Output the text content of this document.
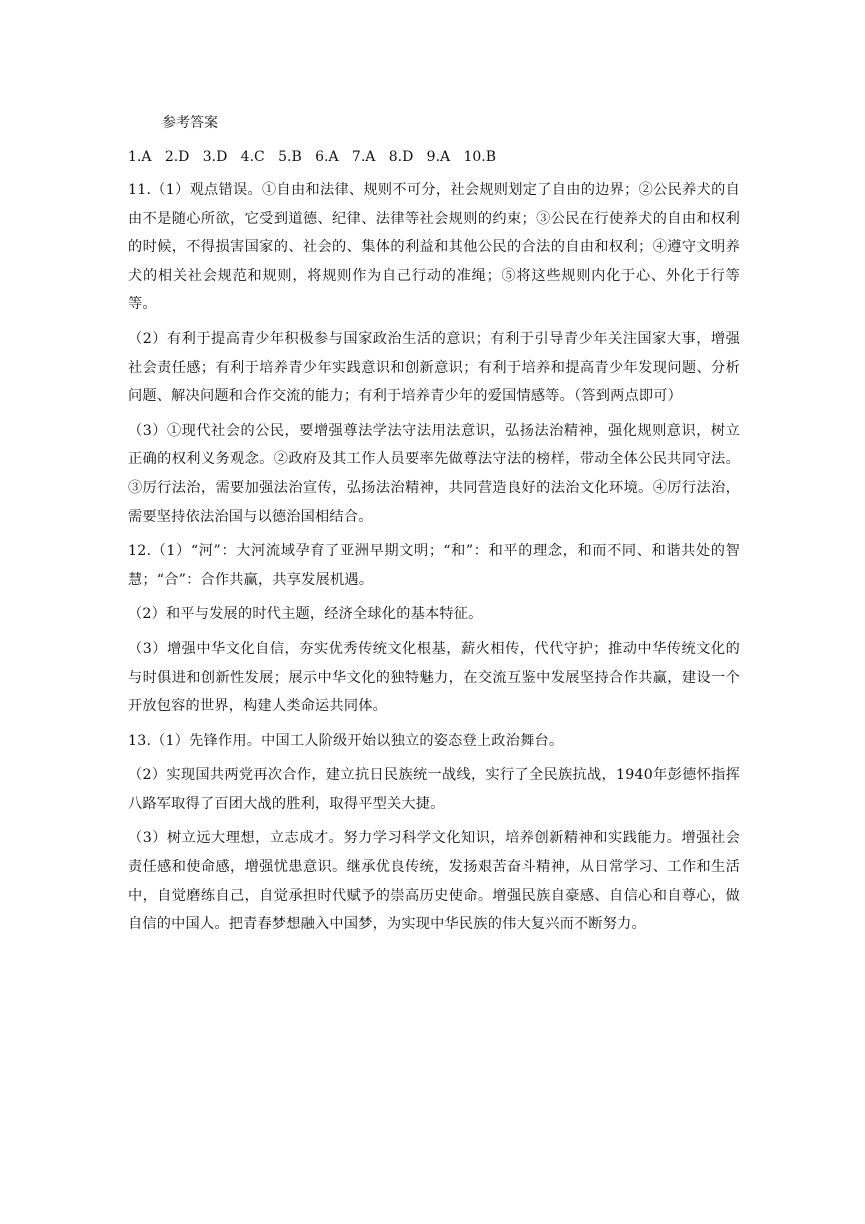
参考答案
1.A   2.D   3.D   4.C   5.B   6.A   7.A   8.D   9.A   10.B

11.（1）观点错误。①自由和法律、规则不可分，社会规则划定了自由的边界；②公民养犬的自由不是随心所欲，它受到道德、纪律、法律等社会规则的约束；③公民在行使养犬的自由和权利的时候，不得损害国家的、社会的、集体的利益和其他公民的合法的自由和权利；④遵守文明养犬的相关社会规范和规则，将规则作为自己行动的准绳；⑤将这些规则内化于心、外化于行等等。

（2）有利于提高青少年积极参与国家政治生活的意识；有利于引导青少年关注国家大事，增强社会责任感；有利于培养青少年实践意识和创新意识；有利于培养和提高青少年发现问题、分析问题、解决问题和合作交流的能力；有利于培养青少年的爱国情感等。（答到两点即可）

（3）①现代社会的公民，要增强尊法学法守法用法意识，弘扬法治精神，强化规则意识，树立正确的权利义务观念。②政府及其工作人员要率先做尊法守法的榜样，带动全体公民共同守法。③厉行法治，需要加强法治宣传，弘扬法治精神，共同营造良好的法治文化环境。④厉行法治，需要坚持依法治国与以德治国相结合。

12.（1）“河”：大河流域孕育了亚洲早期文明；“和”：和平的理念，和而不同、和谐共处的智慧；“合”：合作共赢，共享发展机遇。

（2）和平与发展的时代主题，经济全球化的基本特征。

（3）增强中华文化自信，夯实优秀传统文化根基，薪火相传，代代守护；推动中华传统文化的与时俱进和创新性发展；展示中华文化的独特魅力，在交流互鉴中发展坚持合作共赢，建设一个开放包容的世界，构建人类命运共同体。

13.（1）先锋作用。中国工人阶级开始以独立的姿态登上政治舞台。

（2）实现国共两党再次合作，建立抗日民族统一战线，实行了全民族抗战，1940年彭德怀指挥八路军取得了百团大战的胜利，取得平型关大捷。

（3）树立远大理想，立志成才。努力学习科学文化知识，培养创新精神和实践能力。增强社会责任感和使命感，增强忧患意识。继承优良传统，发扬艰苦奋斗精神，从日常学习、工作和生活中，自觉磨练自己，自觉承担时代赋予的崇高历史使命。增强民族自豪感、自信心和自尊心，做自信的中国人。把青春梦想融入中国梦，为实现中华民族的伟大复兴而不断努力。
